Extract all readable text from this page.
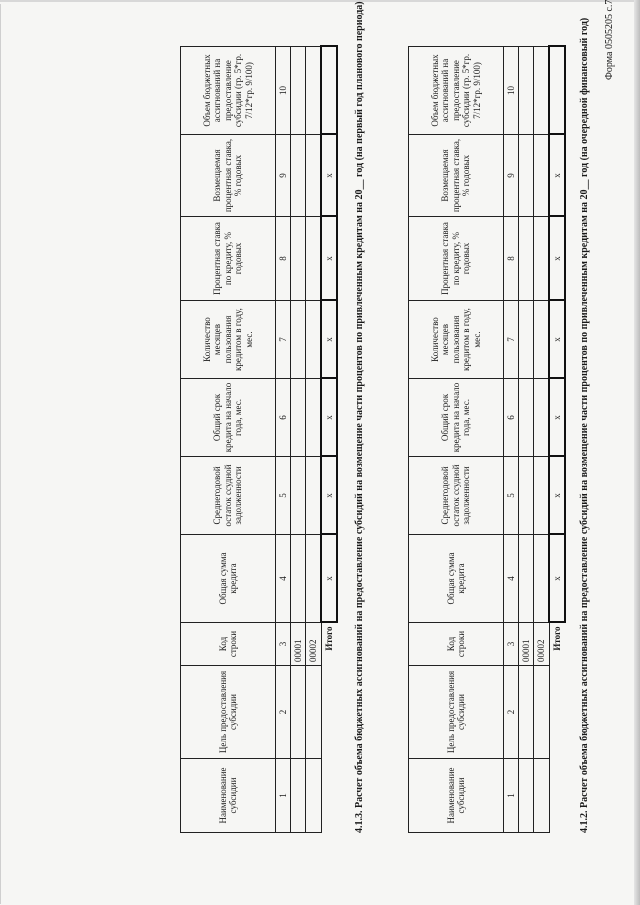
Форма 0505205 с.7
4.1.2. Расчет объема бюджетных ассигнований на предоставление субсидий на возмещение части процентов по привлеченным кредитам на 20__ год (на очередной финансовый год)
Наименование субсидии	Цель предоставления субсидии	Код строки	Общая сумма кредита	Среднегодовой остаток ссудной задолженности	Общий срок кредита на начало года, мес.	Количество месяцев пользования кредитом в году, мес.	Процентная ставка по кредиту, % годовых	Возмещаемая процентная ставка, % годовых	Объем бюджетных ассигнований на предоставление субсидии (гр. 5*гр. 7/12*гр. 9/100)
1	2	3	4	5	6	7	8	9	10
		00001							
		00002							
	Итого		x	x	x	x	x	x	
4.1.3. Расчет объема бюджетных ассигнований на предоставление субсидий на возмещение части процентов по привлеченным кредитам на 20__ год (на первый год планового периода)
Наименование субсидии	Цель предоставления субсидии	Код строки	Общая сумма кредита	Среднегодовой остаток ссудной задолженности	Общий срок кредита на начало года, мес.	Количество месяцев пользования кредитом в году, мес.	Процентная ставка по кредиту, % годовых	Возмещаемая процентная ставка, % годовых	Объем бюджетных ассигнований на предоставление субсидии (гр. 5*гр. 7/12*гр. 9/100)
1	2	3	4	5	6	7	8	9	10
		00001							
		00002							
	Итого		x	x	x	x	x	x	
